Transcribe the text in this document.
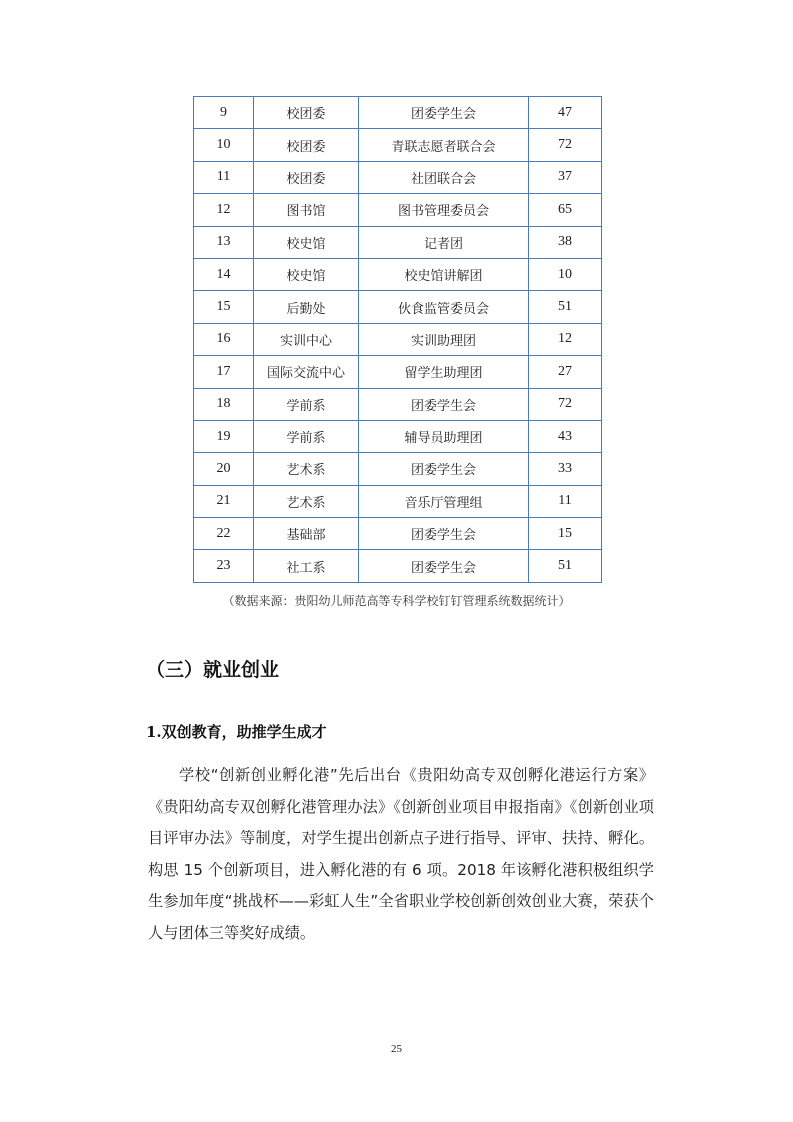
9	校团委	团委学生会	47
10	校团委	青联志愿者联合会	72
11	校团委	社团联合会	37
12	图书馆	图书管理委员会	65
13	校史馆	记者团	38
14	校史馆	校史馆讲解团	10
15	后勤处	伙食监管委员会	51
16	实训中心	实训助理团	12
17	国际交流中心	留学生助理团	27
18	学前系	团委学生会	72
19	学前系	辅导员助理团	43
20	艺术系	团委学生会	33
21	艺术系	音乐厅管理组	11
22	基础部	团委学生会	15
23	社工系	团委学生会	51
（数据来源：贵阳幼儿师范高等专科学校钉钉管理系统数据统计）
（三）就业创业
1.双创教育，助推学生成才

学校“创新创业孵化港”先后出台《贵阳幼高专双创孵化港运行方案》《贵阳幼高专双创孵化港管理办法》《创新创业项目申报指南》《创新创业项目评审办法》等制度，对学生提出创新点子进行指导、评审、扶持、孵化。构思 15 个创新项目，进入孵化港的有 6 项。2018 年该孵化港积极组织学生参加年度“挑战杯——彩虹人生”全省职业学校创新创效创业大赛，荣获个人与团体三等奖好成绩。

25
